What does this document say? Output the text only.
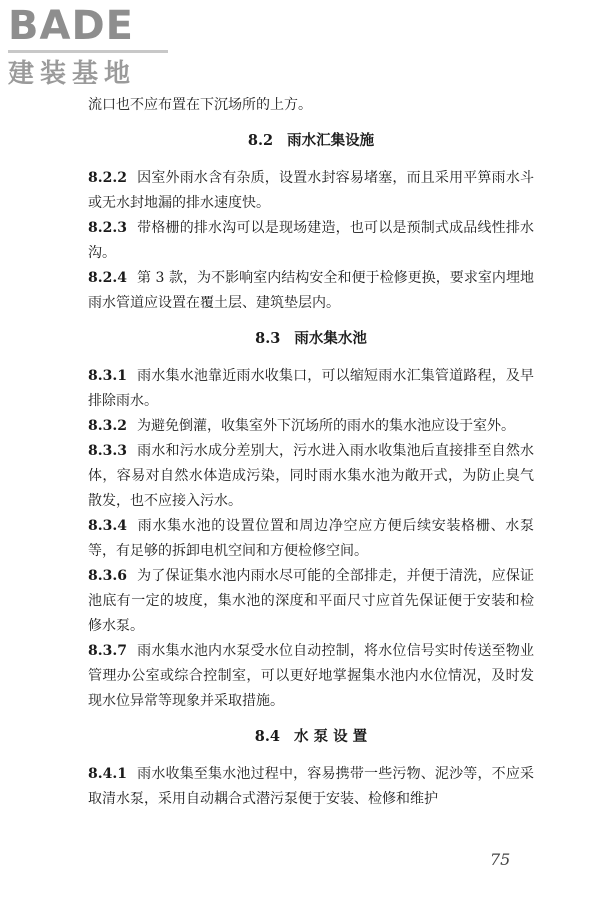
BADE
建装基地

流口也不应布置在下沉场所的上方。

8.2 雨水汇集设施

8.2.2 因室外雨水含有杂质，设置水封容易堵塞，而且采用平箅雨水斗或无水封地漏的排水速度快。

8.2.3 带格栅的排水沟可以是现场建造，也可以是预制式成品线性排水沟。

8.2.4 第 3 款，为不影响室内结构安全和便于检修更换，要求室内埋地雨水管道应设置在覆土层、建筑垫层内。

8.3 雨水集水池

8.3.1 雨水集水池靠近雨水收集口，可以缩短雨水汇集管道路程，及早排除雨水。

8.3.2 为避免倒灌，收集室外下沉场所的雨水的集水池应设于室外。

8.3.3 雨水和污水成分差别大，污水进入雨水收集池后直接排至自然水体，容易对自然水体造成污染，同时雨水集水池为敞开式，为防止臭气散发，也不应接入污水。

8.3.4 雨水集水池的设置位置和周边净空应方便后续安装格栅、水泵等，有足够的拆卸电机空间和方便检修空间。

8.3.6 为了保证集水池内雨水尽可能的全部排走，并便于清洗，应保证池底有一定的坡度，集水池的深度和平面尺寸应首先保证便于安装和检修水泵。

8.3.7 雨水集水池内水泵受水位自动控制，将水位信号实时传送至物业管理办公室或综合控制室，可以更好地掌握集水池内水位情况，及时发现水位异常等现象并采取措施。

8.4 水 泵 设 置

8.4.1 雨水收集至集水池过程中，容易携带一些污物、泥沙等，不应采取清水泵，采用自动耦合式潜污泵便于安装、检修和维护

75
